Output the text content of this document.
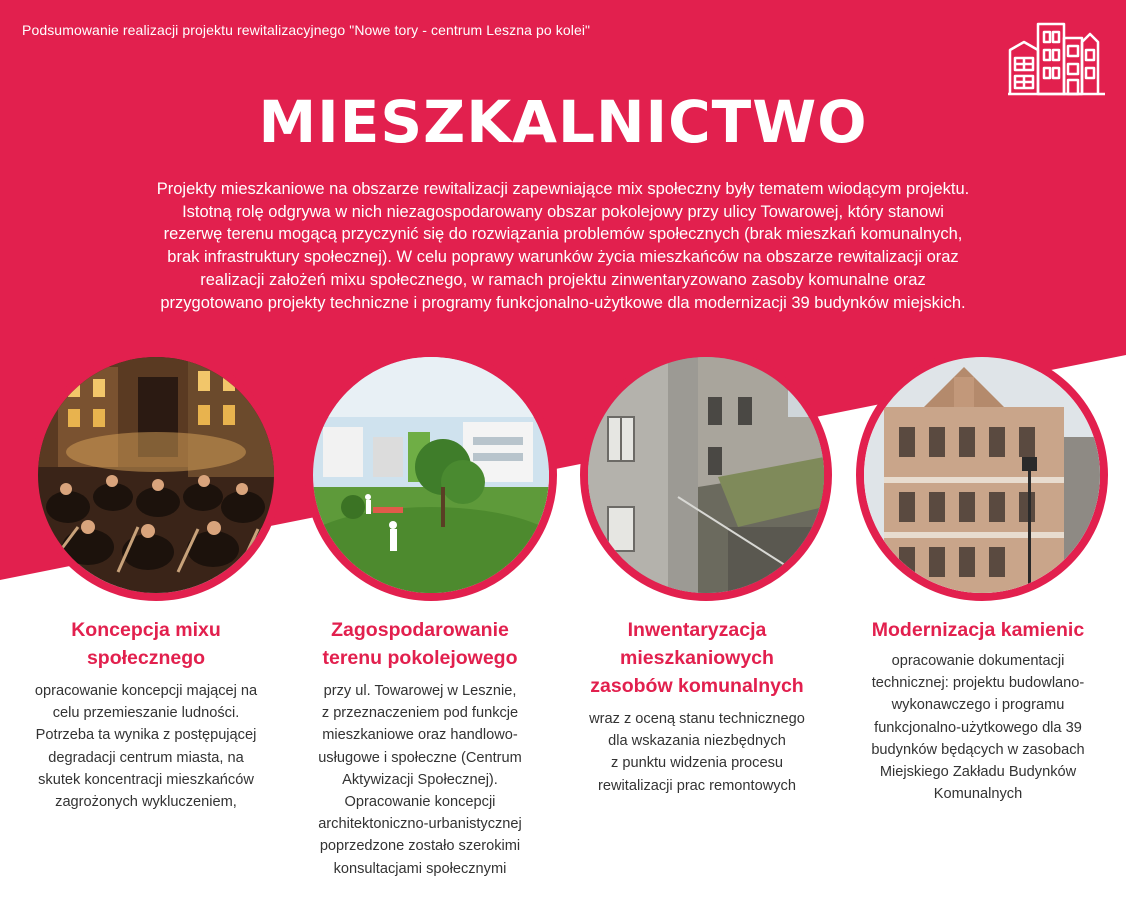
Podsumowanie realizacji projektu rewitalizacyjnego "Nowe tory - centrum Leszna po kolei"
MIESZKALNICTWO
Projekty mieszkaniowe na obszarze rewitalizacji zapewniające mix społeczny były tematem wiodącym projektu.
Istotną rolę odgrywa w nich niezagospodarowany obszar pokolejowy przy ulicy Towarowej, który stanowi
rezerwę terenu mogącą przyczynić się do rozwiązania problemów społecznych (brak mieszkań komunalnych,
brak infrastruktury społecznej). W celu poprawy warunków życia mieszkańców na obszarze rewitalizacji oraz
realizacji założeń mixu społecznego, w ramach projektu zinwentaryzowano zasoby komunalne oraz
przygotowano projekty techniczne i programy funkcjonalno-użytkowe dla modernizacji 39 budynków miejskich.
Koncepcja mixu
społecznego

opracowanie koncepcji mającej na
celu przemieszanie ludności.
Potrzeba ta wynika z postępującej
degradacji centrum miasta, na
skutek koncentracji mieszkańców
zagrożonych wykluczeniem,

Zagospodarowanie
terenu pokolejowego

przy ul. Towarowej w Lesznie,
z przeznaczeniem pod funkcje
mieszkaniowe oraz handlowo-
usługowe i społeczne (Centrum
Aktywizacji Społecznej).
Opracowanie koncepcji
architektoniczno-urbanistycznej
poprzedzone zostało szerokimi
konsultacjami społecznymi

Inwentaryzacja
mieszkaniowych
zasobów komunalnych

wraz z oceną stanu technicznego
dla wskazania niezbędnych
z punktu widzenia procesu
rewitalizacji prac remontowych

Modernizacja kamienic

opracowanie dokumentacji
technicznej: projektu budowlano-
wykonawczego i programu
funkcjonalno-użytkowego dla 39
budynków będących w zasobach
Miejskiego Zakładu Budynków
Komunalnych
